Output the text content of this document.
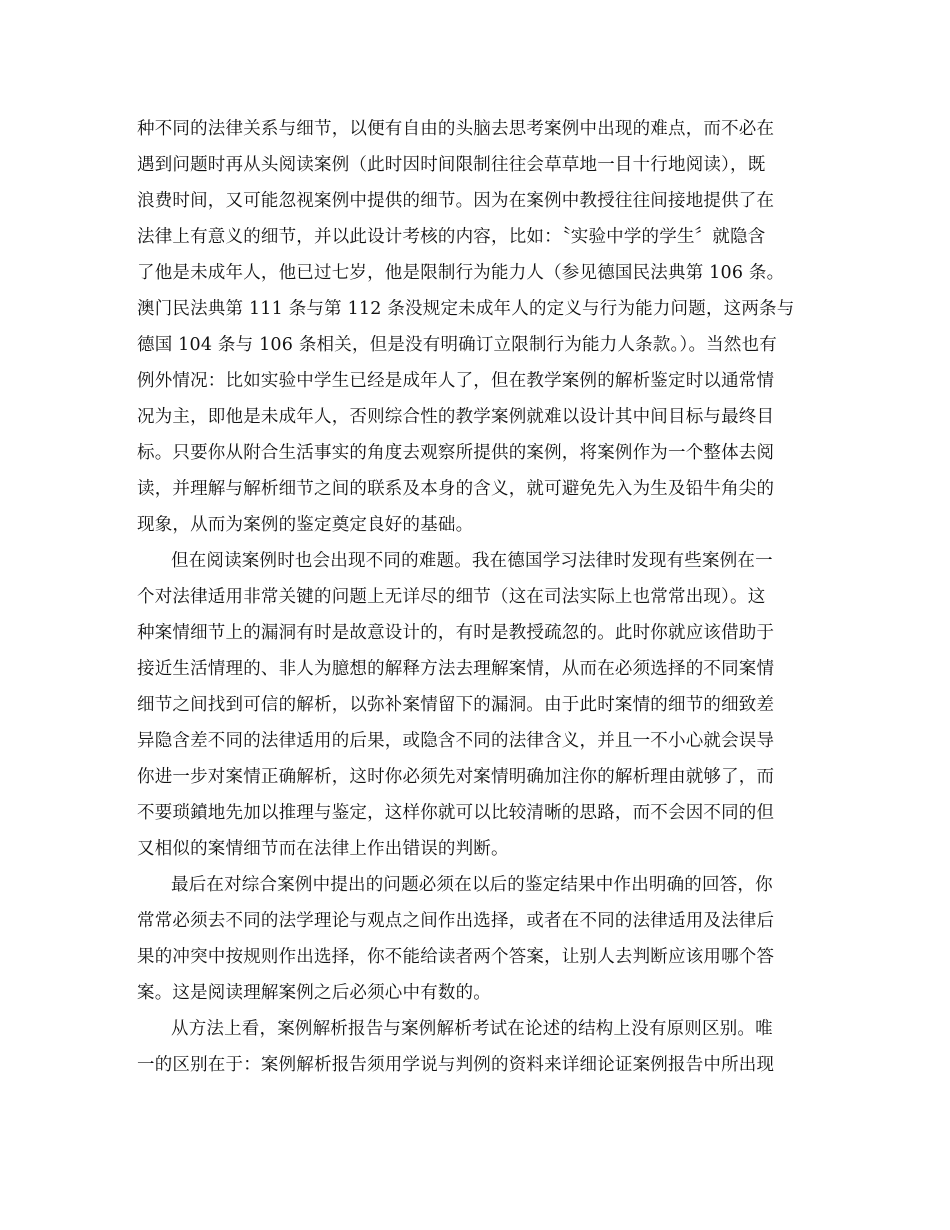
种不同的法律关系与细节，以便有自由的头脑去思考案例中出现的难点，而不必在
遇到问题时再从头阅读案例（此时因时间限制往往会草草地一目十行地阅读），既
浪费时间，又可能忽视案例中提供的细节。因为在案例中教授往往间接地提供了在
法律上有意义的细节，并以此设计考核的内容，比如：〝实验中学的学生〞就隐含
了他是未成年人，他已过七岁，他是限制行为能力人（参见德国民法典第 106 条。
澳门民法典第 111 条与第 112 条没规定未成年人的定义与行为能力问题，这两条与
德国 104 条与 106 条相关，但是没有明确订立限制行为能力人条款。）。当然也有
例外情况：比如实验中学生已经是成年人了，但在教学案例的解析鉴定时以通常情
况为主，即他是未成年人，否则综合性的教学案例就难以设计其中间目标与最终目
标。只要你从附合生活事实的角度去观察所提供的案例，将案例作为一个整体去阅
读，并理解与解析细节之间的联系及本身的含义，就可避免先入为生及铅牛角尖的
现象，从而为案例的鉴定奠定良好的基础。
但在阅读案例时也会出现不同的难题。我在德国学习法律时发现有些案例在一
个对法律适用非常关键的问题上无详尽的细节（这在司法实际上也常常出现）。这
种案情细节上的漏洞有时是故意设计的，有时是教授疏忽的。此时你就应该借助于
接近生活情理的、非人为臆想的解释方法去理解案情，从而在必须选择的不同案情
细节之间找到可信的解析，以弥补案情留下的漏洞。由于此时案情的细节的细致差
异隐含差不同的法律适用的后果，或隐含不同的法律含义，并且一不小心就会误导
你进一步对案情正确解析，这时你必须先对案情明确加注你的解析理由就够了，而
不要琐鐼地先加以推理与鉴定，这样你就可以比较清晰的思路，而不会因不同的但
又相似的案情细节而在法律上作出错误的判断。
最后在对综合案例中提出的问题必须在以后的鉴定结果中作出明确的回答，你
常常必须去不同的法学理论与观点之间作出选择，或者在不同的法律适用及法律后
果的冲突中按规则作出选择，你不能给读者两个答案，让别人去判断应该用哪个答
案。这是阅读理解案例之后必须心中有数的。
从方法上看，案例解析报告与案例解析考试在论述的结构上没有原则区别。唯
一的区别在于：案例解析报告须用学说与判例的资料来详细论证案例报告中所出现
